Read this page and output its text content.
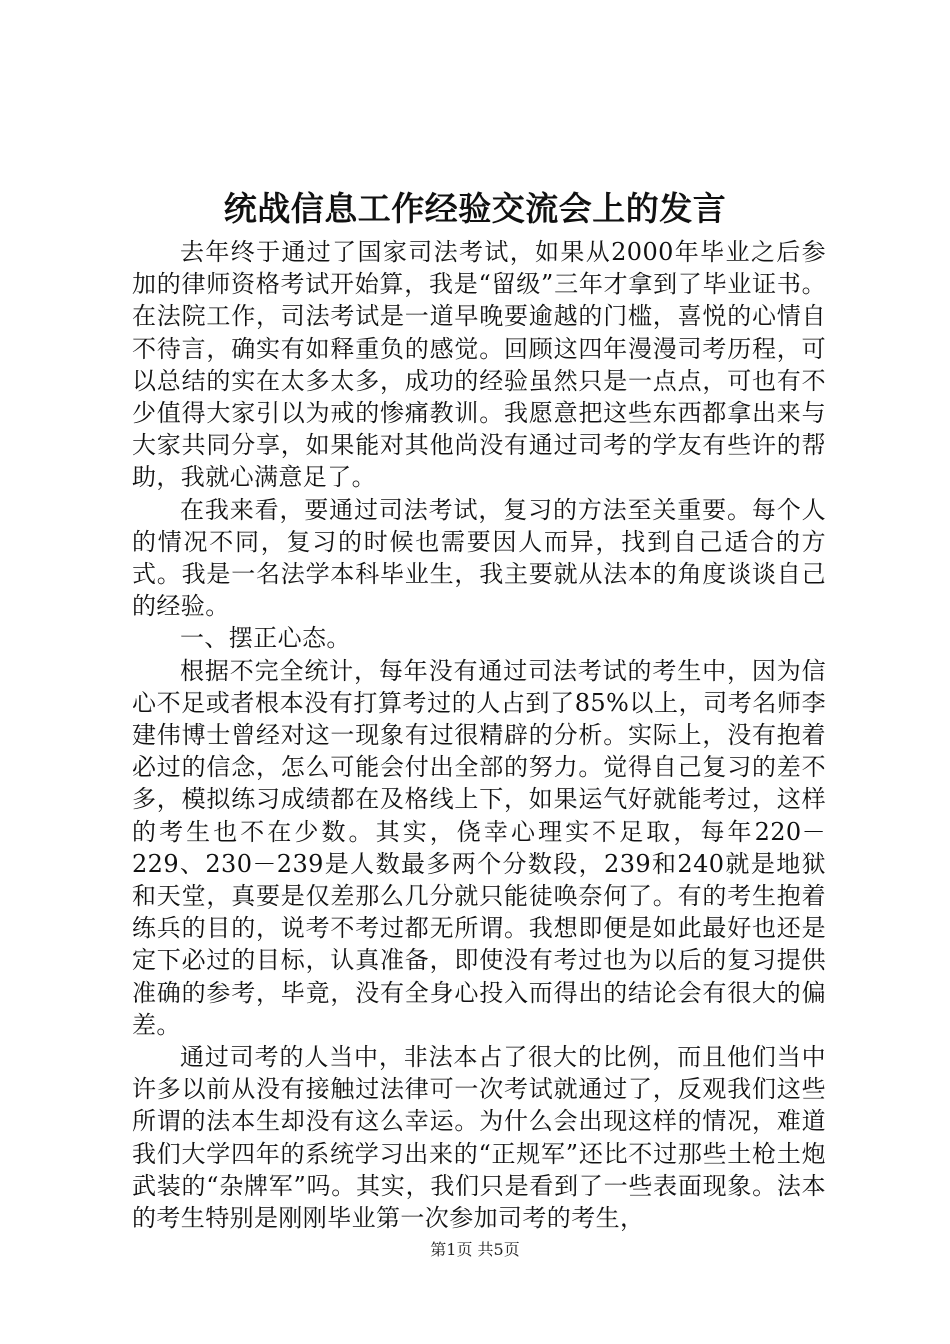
统战信息工作经验交流会上的发言

去年终于通过了国家司法考试，如果从2000年毕业之后参加的律师资格考试开始算，我是“留级”三年才拿到了毕业证书。在法院工作，司法考试是一道早晚要逾越的门槛，喜悦的心情自不待言，确实有如释重负的感觉。回顾这四年漫漫司考历程，可以总结的实在太多太多，成功的经验虽然只是一点点，可也有不少值得大家引以为戒的惨痛教训。我愿意把这些东西都拿出来与大家共同分享，如果能对其他尚没有通过司考的学友有些许的帮助，我就心满意足了。

在我来看，要通过司法考试，复习的方法至关重要。每个人的情况不同，复习的时候也需要因人而异，找到自己适合的方式。我是一名法学本科毕业生，我主要就从法本的角度谈谈自己的经验。

一、摆正心态。

根据不完全统计，每年没有通过司法考试的考生中，因为信心不足或者根本没有打算考过的人占到了85%以上，司考名师李建伟博士曾经对这一现象有过很精辟的分析。实际上，没有抱着必过的信念，怎么可能会付出全部的努力。觉得自己复习的差不多，模拟练习成绩都在及格线上下，如果运气好就能考过，这样的考生也不在少数。其实，侥幸心理实不足取，每年220－229、230－239是人数最多两个分数段，239和240就是地狱和天堂，真要是仅差那么几分就只能徒唤奈何了。有的考生抱着练兵的目的，说考不考过都无所谓。我想即便是如此最好也还是定下必过的目标，认真准备，即使没有考过也为以后的复习提供准确的参考，毕竟，没有全身心投入而得出的结论会有很大的偏差。

通过司考的人当中，非法本占了很大的比例，而且他们当中许多以前从没有接触过法律可一次考试就通过了，反观我们这些所谓的法本生却没有这么幸运。为什么会出现这样的情况，难道我们大学四年的系统学习出来的“正规军”还比不过那些土枪土炮武装的“杂牌军”吗。其实，我们只是看到了一些表面现象。法本的考生特别是刚刚毕业第一次参加司考的考生，

第1页 共5页
